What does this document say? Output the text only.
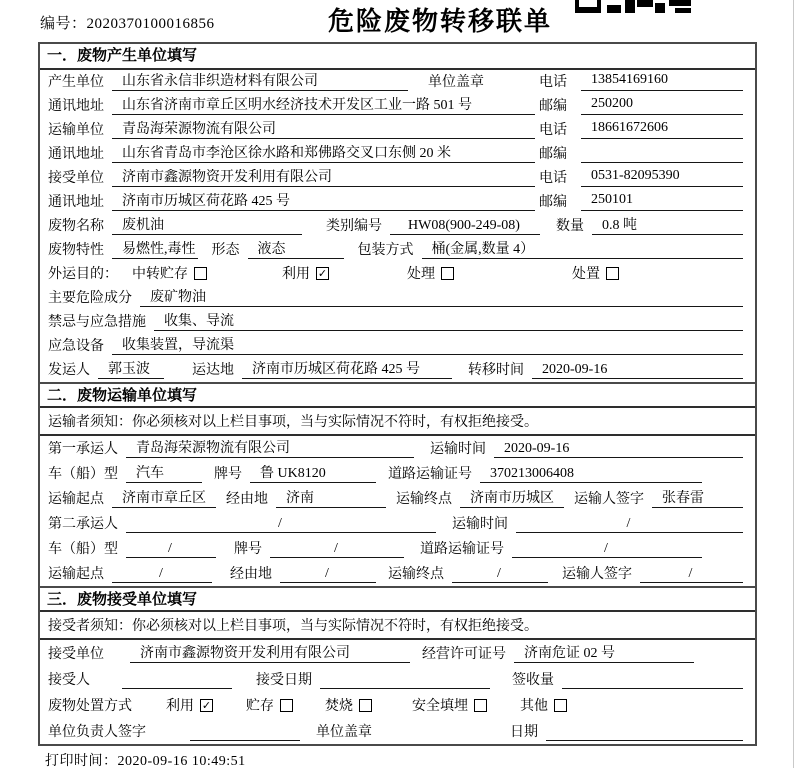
编号：2020370100016856	危险废物转移联单
一．废物产生单位填写
产生单位	山东省永信非织造材料有限公司	单位盖章	电话	13854169160
通讯地址	山东省济南市章丘区明水经济技术开发区工业一路 501 号	邮编	250200
运输单位	青岛海荣源物流有限公司	电话	18661672606
通讯地址	山东省青岛市李沧区徐水路和郑佛路交叉口东侧 20 米	邮编
接受单位	济南市鑫源物资开发利用有限公司	电话	0531-82095390
通讯地址	济南市历城区荷花路 425 号	邮编	250101
废物名称	废机油	类别编号	HW08(900-249-08)	数量	0.8 吨
废物特性	易燃性,毒性 形态	液态	包装方式	桶(金属,数量 4）
外运目的： 中转贮存	利用 ✓	处理	处置
主要危险成分	废矿物油
禁忌与应急措施	收集、导流
应急设备	收集装置，导流渠
发运人	郭玉波	运达地	济南市历城区荷花路 425 号	转移时间	2020-09-16
二．废物运输单位填写
运输者须知：你必须核对以上栏目事项，当与实际情况不符时，有权拒绝接受。
第一承运人	青岛海荣源物流有限公司	运输时间	2020-09-16
车（船）型	汽车	牌号	鲁 UK8120	道路运输证号	370213006408
运输起点	济南市章丘区	经由地	济南	运输终点	济南市历城区	运输人签字	张春雷
第二承运人	/	运输时间	/
车（船）型	/	牌号	/	道路运输证号	/
运输起点	/	经由地	/	运输终点	/	运输人签字	/
三．废物接受单位填写
接受者须知：你必须核对以上栏目事项，当与实际情况不符时，有权拒绝接受。
接受单位	济南市鑫源物资开发利用有限公司	经营许可证号	济南危证 02 号
接受人	接受日期	签收量
废物处置方式 利用 ✓ 贮存	焚烧	安全填埋	其他
单位负责人签字	单位盖章	日期
打印时间：2020-09-16 10:49:51
